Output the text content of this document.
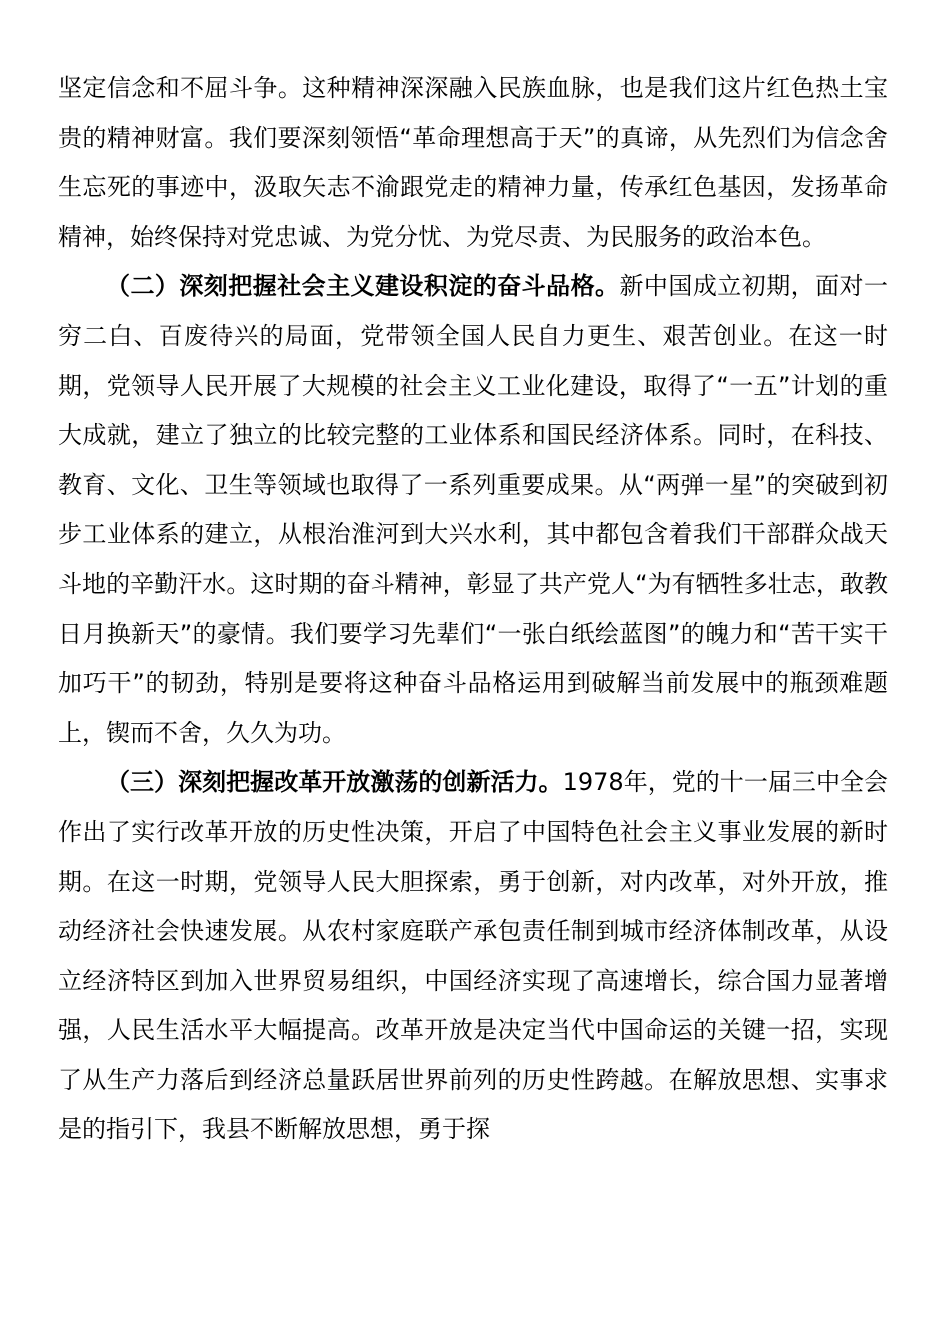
坚定信念和不屈斗争。这种精神深深融入民族血脉，也是我们这片红色热土宝贵的精神财富。我们要深刻领悟“革命理想高于天”的真谛，从先烈们为信念舍生忘死的事迹中，汲取矢志不渝跟党走的精神力量，传承红色基因，发扬革命精神，始终保持对党忠诚、为党分忧、为党尽责、为民服务的政治本色。

（二）深刻把握社会主义建设积淀的奋斗品格。新中国成立初期，面对一穷二白、百废待兴的局面，党带领全国人民自力更生、艰苦创业。在这一时期，党领导人民开展了大规模的社会主义工业化建设，取得了“一五”计划的重大成就，建立了独立的比较完整的工业体系和国民经济体系。同时，在科技、教育、文化、卫生等领域也取得了一系列重要成果。从“两弹一星”的突破到初步工业体系的建立，从根治淮河到大兴水利，其中都包含着我们干部群众战天斗地的辛勤汗水。这时期的奋斗精神，彰显了共产党人“为有牺牲多壮志，敢教日月换新天”的豪情。我们要学习先辈们“一张白纸绘蓝图”的魄力和“苦干实干加巧干”的韧劲，特别是要将这种奋斗品格运用到破解当前发展中的瓶颈难题上，锲而不舍，久久为功。

（三）深刻把握改革开放激荡的创新活力。1978年，党的十一届三中全会作出了实行改革开放的历史性决策，开启了中国特色社会主义事业发展的新时期。在这一时期，党领导人民大胆探索，勇于创新，对内改革，对外开放，推动经济社会快速发展。从农村家庭联产承包责任制到城市经济体制改革，从设立经济特区到加入世界贸易组织，中国经济实现了高速增长，综合国力显著增强，人民生活水平大幅提高。改革开放是决定当代中国命运的关键一招，实现了从生产力落后到经济总量跃居世界前列的历史性跨越。在解放思想、实事求是的指引下，我县不断解放思想，勇于探
